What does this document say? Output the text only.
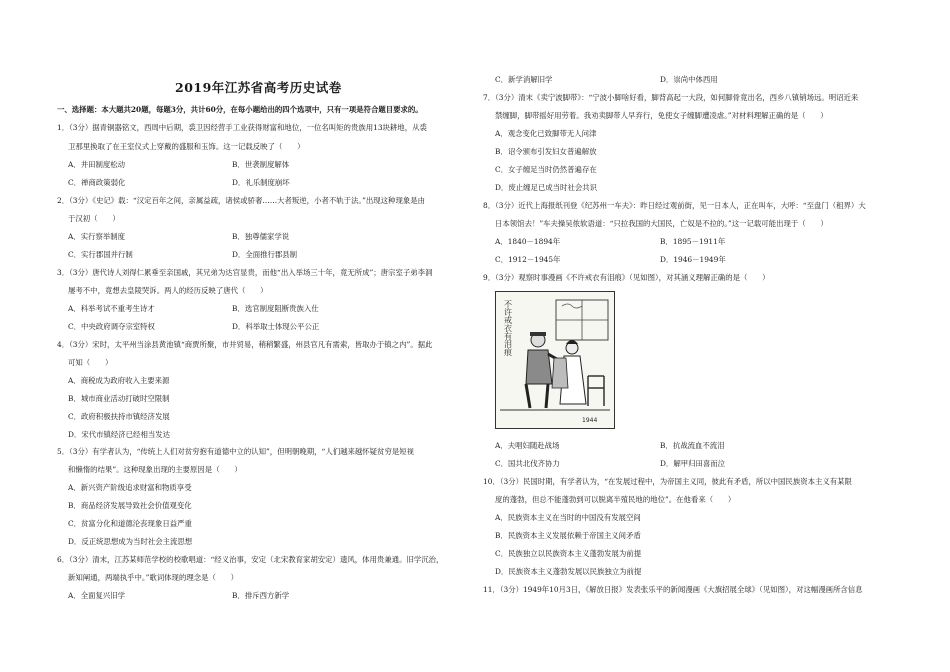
2019年江苏省高考历史试卷
一、选择题：本大题共20题，每题3分，共计60分，在每小题给出的四个选项中，只有一项是符合题目要求的。
1．（3分）据青铜器铭文，西周中后期，裘卫因经营手工业获得财富和地位，一位名叫矩的贵族用13块耕地，从裘
卫那里换取了在王室仪式上穿戴的盛服和玉饰。这一记载反映了（　　）
A．井田制度松动	B．世袭制度解体
C．禅商政策弱化	D．礼乐制度崩坏
2．（3分）《史记》载：“汉定百年之间，亲属益疏，诸侯或骄奢……大者叛逆，小者不轨于法。”出现这种现象是由
于汉初（　　）
A．实行察举制度	B．独尊儒家学说
C．实行郡国并行制	D．全面推行郡县制
3．（3分）唐代诗人刘得仁累垂至亲国戚，其兄弟为达官显贵，而他“出入举场三十年，竟无所成”；唐宗室子弟李洞
屡考不中，竟想去皇陵哭诉。两人的经历反映了唐代（　　）
A．科举考试不重考生诗才	B．选官制度阻断贵族入仕
C．中央政府调夺宗室特权	D．科举取士体现公平公正
4．（3分）宋时，太平州当涂县黄池镇“商贾所聚，市井贸易，稍稍繁盛，州县官凡有需索，皆取办于镇之内”。据此
可知（　　）
A．商税成为政府收入主要来源
B．城市商业活动打破时空限制
C．政府积极扶持市镇经济发展
D．宋代市镇经济已经相当发达
5．（3分）有学者认为，“传统上人们对贫穷抱有道德中立的认知”，但明朝晚期，“人们越来越怀疑贫穷是短视
和懒惰的结果”。这种现象出现的主要原因是（　　）
A．新兴资产阶级追求财富和物质享受
B．商品经济发展导致社会价值观变化
C．贫富分化和道德沦丧现象日益严重
D．反正统思想成为当时社会主流思想
6．（3分）清末，江苏某师范学校的校歌唱道：“经义治事，安定（北宋教育家胡安定）遗风，体用贵兼通。旧学沉治，
新知阐通，两端执乎中。”歌词体现的理念是（　　）
A．全面复兴旧学	B．排斥西方新学
C．新学消解旧学	D．崇尚中体西用
7．（3分）清末《卖宁波脚带》：“宁波小脚啥好看，脚背高起一大段，如何脚骨竟出名，西乡八镇销场远。明诏近来
禁缠脚，脚带摇好用劳着。我劝卖脚带人早弃行，免使女子缠脚遭凌虐。”对材料理解正确的是（　　）
A．观念变化已致脚带无人问津
B．诏令颁布引发妇女普遍解放
C．女子缠足当时仍然普遍存在
D．废止缠足已成当时社会共识
8．（3分）近代上海报纸刊登《纪苏州一车夫》：昨日经过观前街，见一日本人，正在叫车，大呼：“至盘门（租界）大
日本领馆去！”车夫操吴侬软语道：“只拉我国的大国民，亡奴是不拉的。”这一记载可能出现于（　　）
A．1840－1894年	B．1895－1911年
C．1912－1945年	D．1946－1949年
9．（3分）观察时事漫画《不许戒衣有泪痕》（见如图），对其涵义理解正确的是（　　）
不许戒衣有泪痕
1944
A．夫唱妇随赴战场	B．抗战流血不流泪
C．国共北伐齐协力	D．解甲归田喜而泣
10．（3分）民国时期，有学者认为，“在发展过程中，为帝国主义同，彼此有矛盾，所以中国民族资本主义有某限
度的蓬勃，但总不能蓬勃到可以脱离半殖民地的地位”。在他看来（　　）
A．民族资本主义在当时的中国没有发展空间
B．民族资本主义发展依赖于帝国主义间矛盾
C．民族独立以民族资本主义蓬勃发展为前提
D．民族资本主义蓬勃发展以民族独立为前提
11．（3分）1949年10月3日，《解放日报》发表张乐平的新闻漫画《大旗招展全球》（见如图），对这幅漫画所含信息
